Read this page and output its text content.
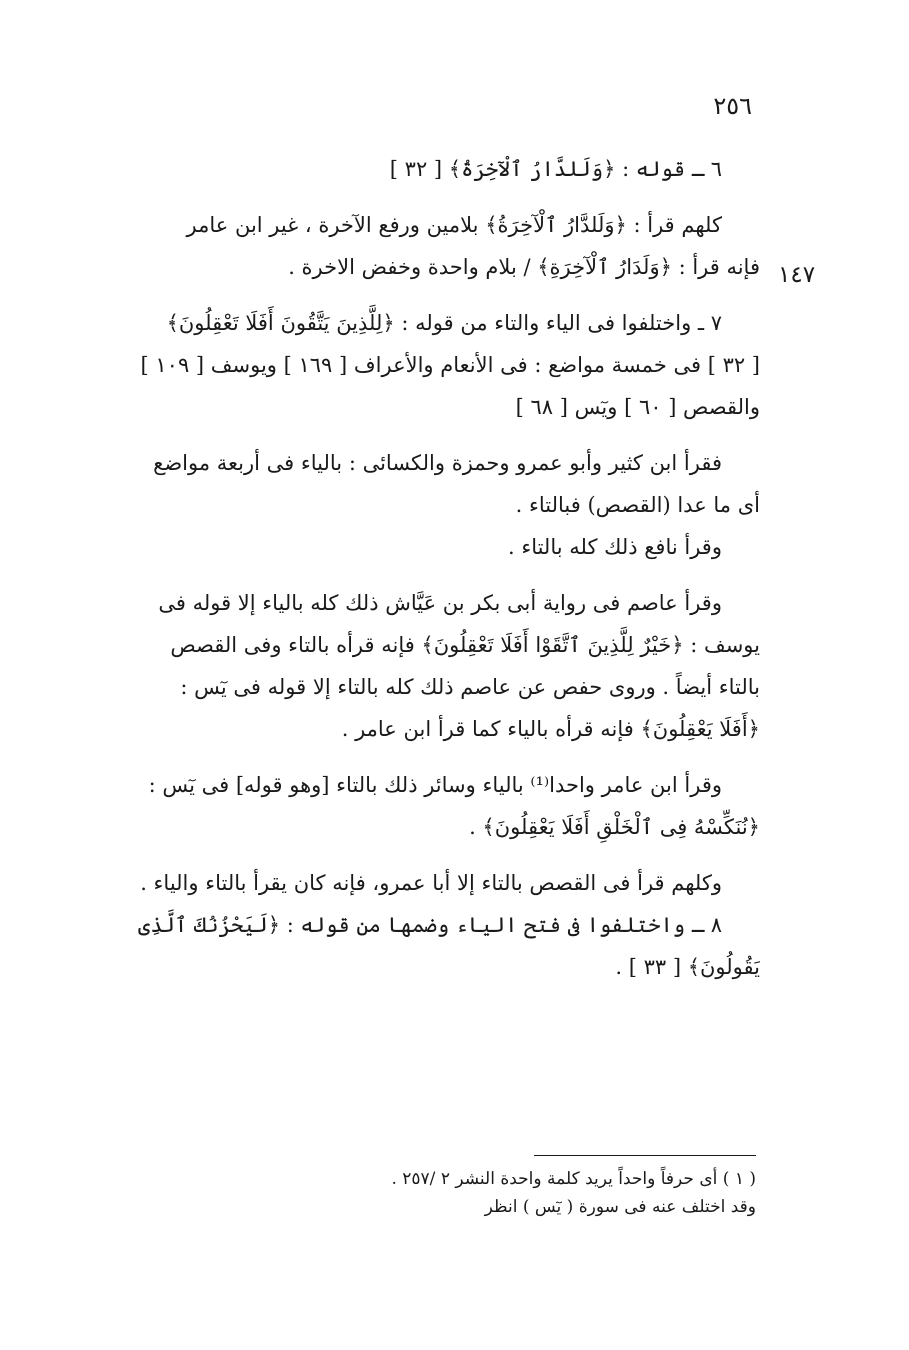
٢٥٦
١٤٧
٦ ـ قوله : ﴿وَلَلدَّارُ ٱلْآخِرَةُ﴾ [ ٣٢ ]
كلهم قرأ : ﴿وَلَلدَّارُ ٱلْآخِرَةُ﴾ بلامين ورفع الآخرة ، غير ابن عامر
فإنه قرأ : ﴿وَلَدَارُ ٱلْآخِرَةِ﴾ / بلام واحدة وخفض الاخرة .
٧ ـ واختلفوا فى الياء والتاء من قوله : ﴿لِلَّذِينَ يَتَّقُونَ أَفَلَا تَعْقِلُونَ﴾
[ ٣٢ ] فى خمسة مواضع : فى الأنعام والأعراف [ ١٦٩ ] ويوسف [ ١٠٩ ]
والقصص [ ٦٠ ] ويٓس [ ٦٨ ]
فقرأ ابن كثير وأبو عمرو وحمزة والكسائى : بالياء فى أربعة مواضع
أى ما عدا (القصص) فبالتاء .
وقرأ نافع ذلك كله بالتاء .
وقرأ عاصم فى رواية أبى بكر بن عَيَّاش ذلك كله بالياء إلا قوله فى
يوسف : ﴿خَيْرٌ لِلَّذِينَ ٱتَّقَوْا أَفَلَا تَعْقِلُونَ﴾ فإنه قرأه بالتاء وفى القصص
بالتاء أيضاً . وروى حفص عن عاصم ذلك كله بالتاء إلا قوله فى يٓس :
﴿أَفَلَا يَعْقِلُونَ﴾ فإنه قرأه بالياء كما قرأ ابن عامر .
وقرأ ابن عامر واحدا⁽¹⁾ بالياء وسائر ذلك بالتاء [وهو قوله] فى يٓس :
﴿نُنَكِّسْهُ فِى ٱلْخَلْقِ أَفَلَا يَعْقِلُونَ﴾ .
وكلهم قرأ فى القصص بالتاء إلا أبا عمرو، فإنه كان يقرأ بالتاء والياء .
٨ ـ واختلفوا فى فتح الياء وضمها من قوله : ﴿لَيَحْزُنُكَ ٱلَّذِى
يَقُولُونَ﴾ [ ٣٣ ] .
( ١ ) أى حرفاً واحداً يريد كلمة واحدة النشر ٢ /٢٥٧ .
وقد اختلف عنه فى سورة ( يٓس ) انظر
